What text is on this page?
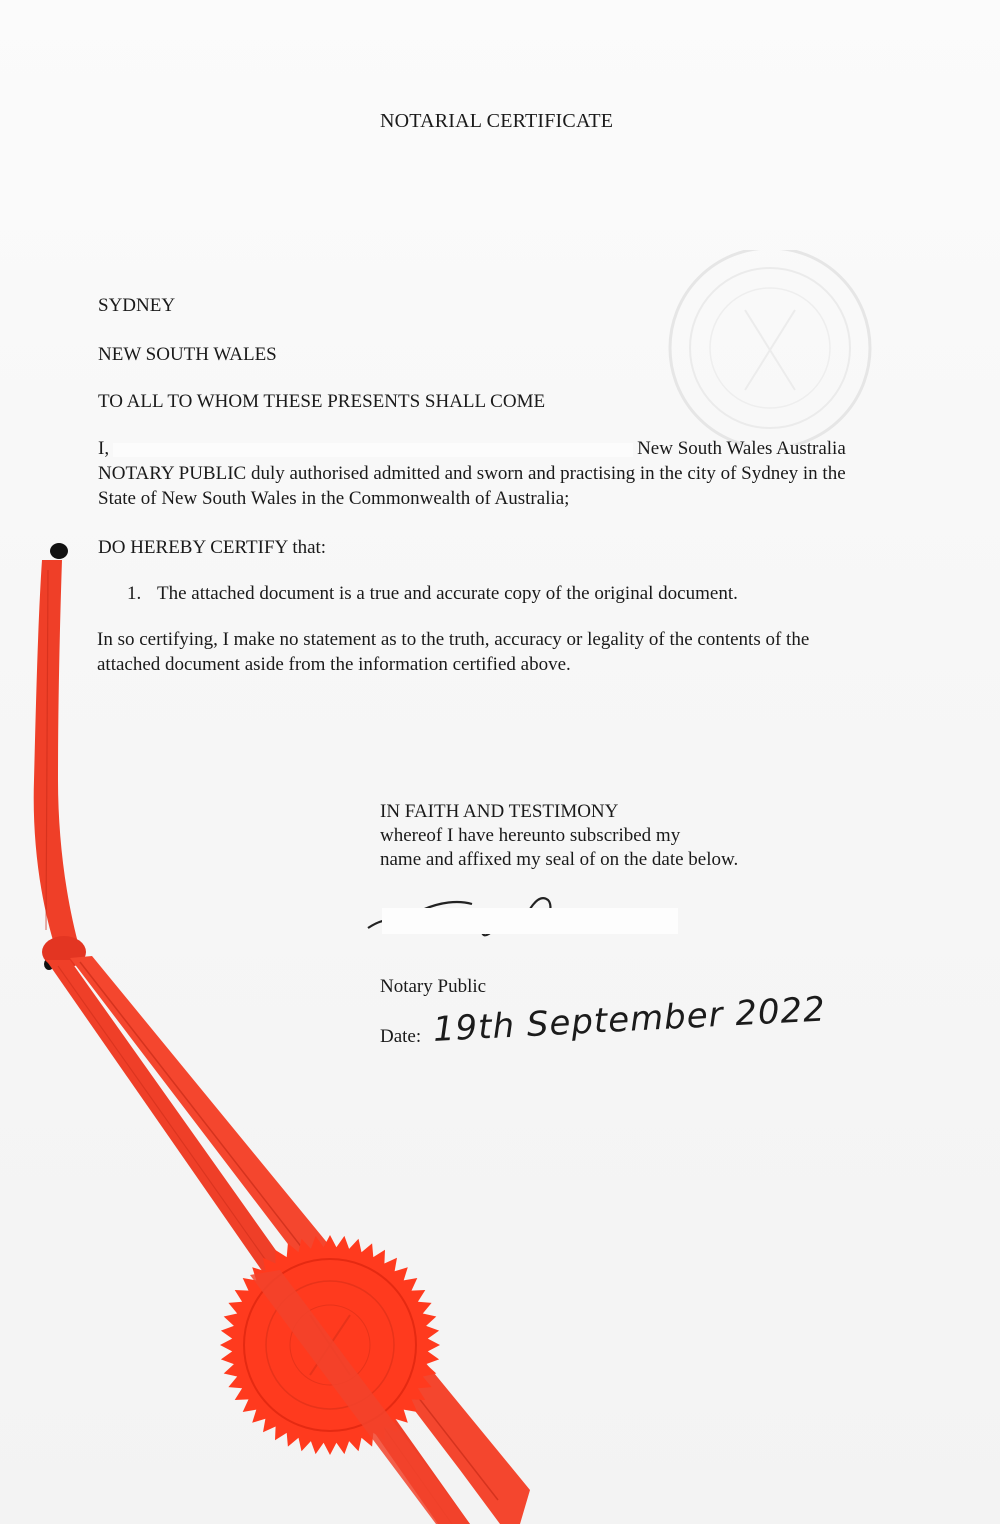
NOTARIAL CERTIFICATE
SYDNEY
NEW SOUTH WALES
TO ALL TO WHOM THESE PRESENTS SHALL COME
I,	New South Wales Australia
NOTARY PUBLIC duly authorised admitted and sworn and practising in the city of Sydney in the
State of New South Wales in the Commonwealth of Australia;
DO HEREBY CERTIFY that:
1. The attached document is a true and accurate copy of the original document.
In so certifying, I make no statement as to the truth, accuracy or legality of the contents of the
attached document aside from the information certified above.
IN FAITH AND TESTIMONY
whereof I have hereunto subscribed my
name and affixed my seal of on the date below.
Notary Public
Date: 19th September 2022
